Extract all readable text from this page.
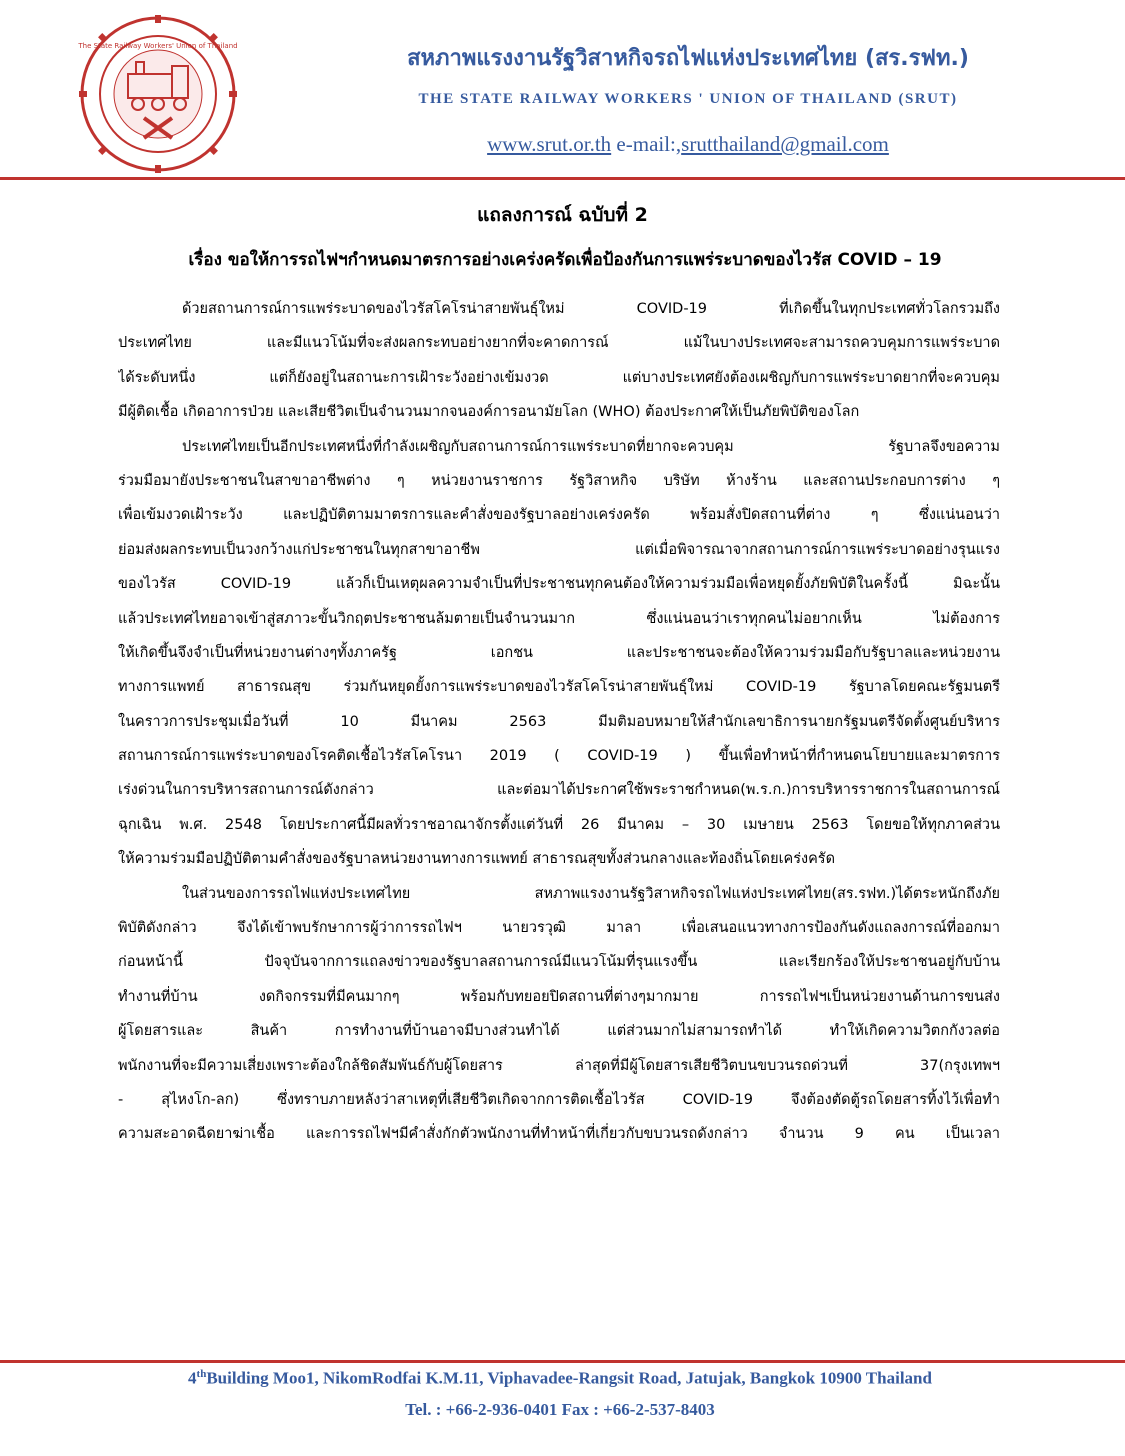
The State Railway Workers' Union of Thailand	สหภาพแรงงานรัฐวิสาหกิจรถไฟแห่งประเทศไทย (สร.รฟท.)
THE STATE RAILWAY WORKERS ' UNION OF THAILAND (SRUT)
www.srut.or.th e-mail:,srutthailand@gmail.com
แถลงการณ์ ฉบับที่ 2
เรื่อง ขอให้การรถไฟฯกำหนดมาตรการอย่างเคร่งครัดเพื่อป้องกันการแพร่ระบาดของไวรัส COVID – 19
ด้วยสถานการณ์การแพร่ระบาดของไวรัสโคโรน่าสายพันธุ์ใหม่ COVID-19 ที่เกิดขึ้นในทุกประเทศทั่วโลกรวมถึง
ประเทศไทย และมีแนวโน้มที่จะส่งผลกระทบอย่างยากที่จะคาดการณ์ แม้ในบางประเทศจะสามารถควบคุมการแพร่ระบาด
ได้ระดับหนึ่ง แต่ก็ยังอยู่ในสถานะการเฝ้าระวังอย่างเข้มงวด แต่บางประเทศยังต้องเผชิญกับการแพร่ระบาดยากที่จะควบคุม
มีผู้ติดเชื้อ เกิดอาการป่วย และเสียชีวิตเป็นจำนวนมากจนองค์การอนามัยโลก (WHO) ต้องประกาศให้เป็นภัยพิบัติของโลก
ประเทศไทยเป็นอีกประเทศหนึ่งที่กำลังเผชิญกับสถานการณ์การแพร่ระบาดที่ยากจะควบคุม รัฐบาลจึงขอความ
ร่วมมือมายังประชาชนในสาขาอาชีพต่าง ๆ หน่วยงานราชการ รัฐวิสาหกิจ บริษัท ห้างร้าน และสถานประกอบการต่าง ๆ
เพื่อเข้มงวดเฝ้าระวัง และปฏิบัติตามมาตรการและคำสั่งของรัฐบาลอย่างเคร่งครัด พร้อมสั่งปิดสถานที่ต่าง ๆ ซึ่งแน่นอนว่า
ย่อมส่งผลกระทบเป็นวงกว้างแก่ประชาชนในทุกสาขาอาชีพ แต่เมื่อพิจารณาจากสถานการณ์การแพร่ระบาดอย่างรุนแรง
ของไวรัส COVID-19 แล้วก็เป็นเหตุผลความจำเป็นที่ประชาชนทุกคนต้องให้ความร่วมมือเพื่อหยุดยั้งภัยพิบัติในครั้งนี้ มิฉะนั้น
แล้วประเทศไทยอาจเข้าสู่สภาวะขั้นวิกฤตประชาชนล้มตายเป็นจำนวนมาก ซึ่งแน่นอนว่าเราทุกคนไม่อยากเห็น ไม่ต้องการ
ให้เกิดขึ้นจึงจำเป็นที่หน่วยงานต่างๆทั้งภาครัฐ เอกชน และประชาชนจะต้องให้ความร่วมมือกับรัฐบาลและหน่วยงาน
ทางการแพทย์ สาธารณสุข ร่วมกันหยุดยั้งการแพร่ระบาดของไวรัสโคโรน่าสายพันธุ์ใหม่ COVID-19 รัฐบาลโดยคณะรัฐมนตรี
ในคราวการประชุมเมื่อวันที่ 10 มีนาคม 2563 มีมติมอบหมายให้สำนักเลขาธิการนายกรัฐมนตรีจัดตั้งศูนย์บริหาร
สถานการณ์การแพร่ระบาดของโรคติดเชื้อไวรัสโคโรนา 2019 ( COVID-19 ) ขึ้นเพื่อทำหน้าที่กำหนดนโยบายและมาตรการ
เร่งด่วนในการบริหารสถานการณ์ดังกล่าว และต่อมาได้ประกาศใช้พระราชกำหนด(พ.ร.ก.)การบริหารราชการในสถานการณ์
ฉุกเฉิน พ.ศ. 2548 โดยประกาศนี้มีผลทั่วราชอาณาจักรตั้งแต่วันที่ 26 มีนาคม – 30 เมษายน 2563 โดยขอให้ทุกภาคส่วน
ให้ความร่วมมือปฏิบัติตามคำสั่งของรัฐบาลหน่วยงานทางการแพทย์ สาธารณสุขทั้งส่วนกลางและท้องถิ่นโดยเคร่งครัด
ในส่วนของการรถไฟแห่งประเทศไทย สหภาพแรงงานรัฐวิสาหกิจรถไฟแห่งประเทศไทย(สร.รฟท.)ได้ตระหนักถึงภัย
พิบัติดังกล่าว จึงได้เข้าพบรักษาการผู้ว่าการรถไฟฯ นายวรวุฒิ มาลา เพื่อเสนอแนวทางการป้องกันดังแถลงการณ์ที่ออกมา
ก่อนหน้านี้ ปัจจุบันจากการแถลงข่าวของรัฐบาลสถานการณ์มีแนวโน้มที่รุนแรงขึ้น และเรียกร้องให้ประชาชนอยู่กับบ้าน
ทำงานที่บ้าน งดกิจกรรมที่มีคนมากๆ พร้อมกับทยอยปิดสถานที่ต่างๆมากมาย การรถไฟฯเป็นหน่วยงานด้านการขนส่ง
ผู้โดยสารและ สินค้า การทำงานที่บ้านอาจมีบางส่วนทำได้ แต่ส่วนมากไม่สามารถทำได้ ทำให้เกิดความวิตกกังวลต่อ
พนักงานที่จะมีความเสี่ยงเพราะต้องใกล้ชิดสัมพันธ์กับผู้โดยสาร ล่าสุดที่มีผู้โดยสารเสียชีวิตบนขบวนรถด่วนที่ 37(กรุงเทพฯ
- สุไหงโก-ลก) ซึ่งทราบภายหลังว่าสาเหตุที่เสียชีวิตเกิดจากการติดเชื้อไวรัส COVID-19 จึงต้องตัดตู้รถโดยสารทิ้งไว้เพื่อทำ
ความสะอาดฉีดยาฆ่าเชื้อ และการรถไฟฯมีคำสั่งกักตัวพนักงานที่ทำหน้าที่เกี่ยวกับขบวนรถดังกล่าว จำนวน 9 คน เป็นเวลา
4thBuilding Moo1, NikomRodfai K.M.11, Viphavadee-Rangsit Road, Jatujak, Bangkok 10900 Thailand
Tel. : +66-2-936-0401 Fax : +66-2-537-8403
